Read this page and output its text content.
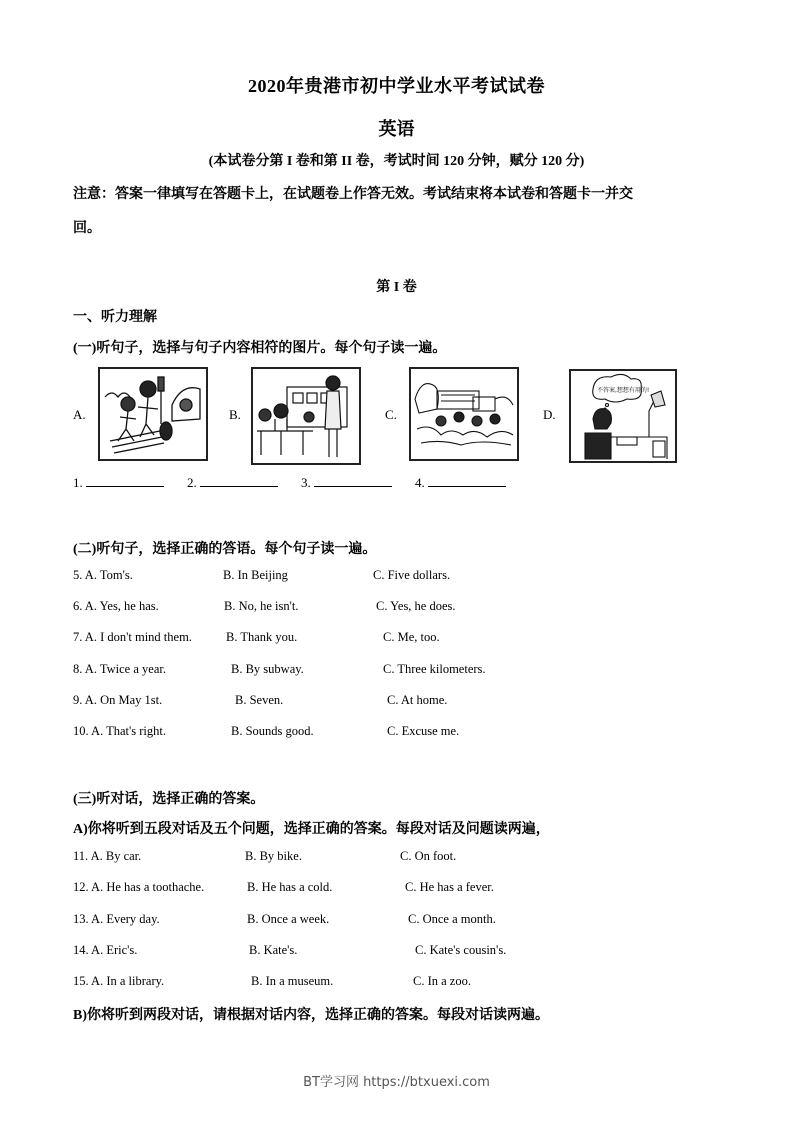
2020年贵港市初中学业水平考试试卷
英语
(本试卷分第 I 卷和第 II 卷，考试时间 120 分钟，赋分 120 分)
注意：答案一律填写在答题卡上，在试题卷上作答无效。考试结束将本试卷和答题卡一并交
回。
第 I 卷
一、听力理解
(一)听句子，选择与句子内容相符的图片。每个句子读一遍。
A.	B.	C.	D.
不答案,想想有用的!
1.	2.	3.	4.
(二)听句子，选择正确的答语。每个句子读一遍。
5. A. Tom's.	B. In Beijing	C. Five dollars.
6. A. Yes, he has.	B. No, he isn't.	C. Yes, he does.
7. A. I don't mind them.	B. Thank you.	C. Me, too.
8. A. Twice a year.	B. By subway.	C. Three kilometers.
9. A. On May 1st.	B. Seven.	C. At home.
10. A. That's right.	B. Sounds good.	C. Excuse me.
(三)听对话，选择正确的答案。
A)你将听到五段对话及五个问题，选择正确的答案。每段对话及问题读两遍，
11. A. By car.	B. By bike.	C. On foot.
12. A. He has a toothache.	B. He has a cold.	C. He has a fever.
13. A. Every day.	B. Once a week.	C. Once a month.
14. A. Eric's.	B. Kate's.	C. Kate's cousin's.
15. A. In a library.	B. In a museum.	C. In a zoo.
B)你将听到两段对话，请根据对话内容，选择正确的答案。每段对话读两遍。
BT学习网 https://btxuexi.com
